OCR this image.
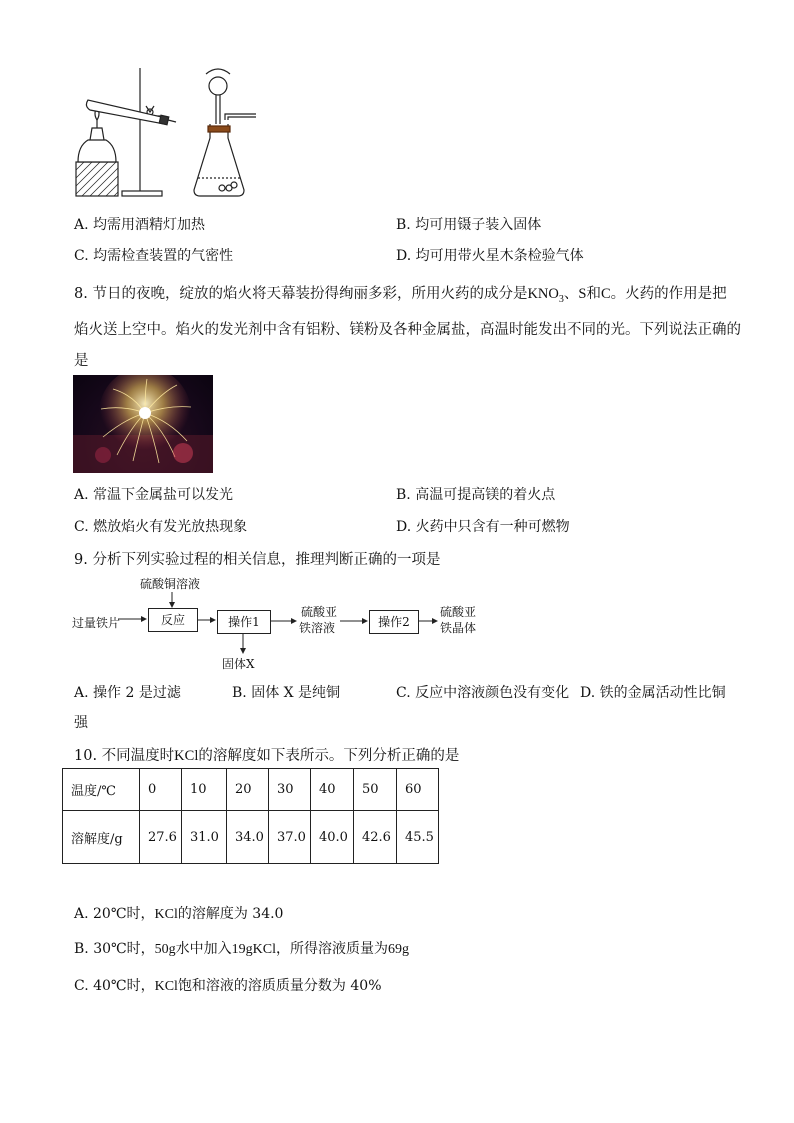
A. 均需用酒精灯加热	B. 均可用镊子装入固体
C. 均需检查装置的气密性	D. 均可用带火星木条检验气体
8. 节日的夜晚，绽放的焰火将天幕装扮得绚丽多彩，所用火药的成分是$KNO_3$、S和C。火药的作用是把
焰火送上空中。焰火的发光剂中含有铝粉、镁粉及各种金属盐，高温时能发出不同的光。下列说法正确的
是
A. 常温下金属盐可以发光	B. 高温可提高镁的着火点
C. 燃放焰火有发光放热现象	D. 火药中只含有一种可燃物
9. 分析下列实验过程的相关信息，推理判断正确的一项是
硫酸铜溶液
过量铁片	反应	操作1
硫酸亚
铁溶液	操作2
硫酸亚
铁晶体
固体X
A. 操作 2 是过滤	B. 固体 X 是纯铜	C. 反应中溶液颜色没有变化 D. 铁的金属活动性比铜
强
10. 不同温度时KCl的溶解度如下表所示。下列分析正确的是
温度/℃	0	10	20	30	40	50	60
溶解度/g	27.6	31.0	34.0	37.0	40.0	42.6	45.5
A. 20℃时，KCl的溶解度为 34.0
B. 30℃时，50g水中加入19gKCl，所得溶液质量为69g
C. 40℃时，KCl饱和溶液的溶质质量分数为 40%
